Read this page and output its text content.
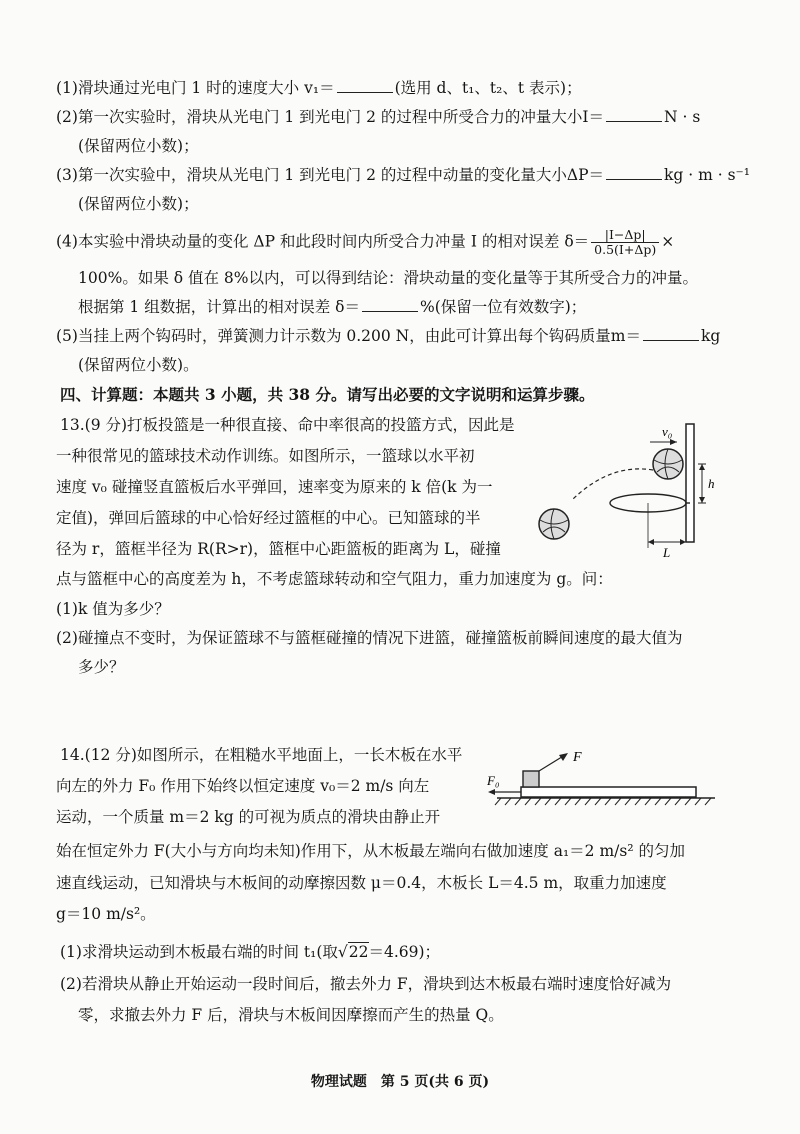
(1)滑块通过光电门 1 时的速度大小 v₁＝	(选用 d、t₁、t₂、t 表示)；
(2)第一次实验时，滑块从光电门 1 到光电门 2 的过程中所受合力的冲量大小I＝	N · s
(保留两位小数)；
(3)第一次实验中，滑块从光电门 1 到光电门 2 的过程中动量的变化量大小ΔP＝	kg · m · s⁻¹
(保留两位小数)；
(4)本实验中滑块动量的变化 ΔP 和此段时间内所受合力冲量 I 的相对误差 $\delta= \frac{|I-\Delta p|}{0.5(I+\Delta p)}$ ×
100%。如果 δ 值在 8%以内，可以得到结论：滑块动量的变化量等于其所受合力的冲量。
根据第 1 组数据，计算出的相对误差 δ＝	%(保留一位有效数字)；
(5)当挂上两个钩码时，弹簧测力计示数为 0.200 N，由此可计算出每个钩码质量m＝	kg
(保留两位小数)。
四、计算题：本题共 3 小题，共 38 分。请写出必要的文字说明和运算步骤。
13.(9 分)打板投篮是一种很直接、命中率很高的投篮方式，因此是
一种很常见的篮球技术动作训练。如图所示，一篮球以水平初
速度 v₀ 碰撞竖直篮板后水平弹回，速率变为原来的 k 倍(k 为一
定值)，弹回后篮球的中心恰好经过篮框的中心。已知篮球的半
径为 r，篮框半径为 R(R>r)，篮框中心距篮板的距离为 L，碰撞
点与篮框中心的高度差为 h，不考虑篮球转动和空气阻力，重力加速度为 g。问：
(1)k 值为多少？
(2)碰撞点不变时，为保证篮球不与篮框碰撞的情况下进篮，碰撞篮板前瞬间速度的最大值为
多少？
v₀
L
h
14.(12 分)如图所示，在粗糙水平地面上，一长木板在水平
向左的外力 F₀ 作用下始终以恒定速度 v₀＝2 m/s 向左
运动，一个质量 m＝2 kg 的可视为质点的滑块由静止开
始在恒定外力 F(大小与方向均未知)作用下，从木板最左端向右做加速度 a₁＝2 m/s² 的匀加
速直线运动，已知滑块与木板间的动摩擦因数 μ＝0.4，木板长 L＝4.5 m，取重力加速度
g＝10 m/s²。
(1)求滑块运动到木板最右端的时间 t₁(取√22＝4.69)；
(2)若滑块从静止开始运动一段时间后，撤去外力 F，滑块到达木板最右端时速度恰好减为
零，求撤去外力 F 后，滑块与木板间因摩擦而产生的热量 Q。
F
F₀
物理试题　第 5 页(共 6 页)
